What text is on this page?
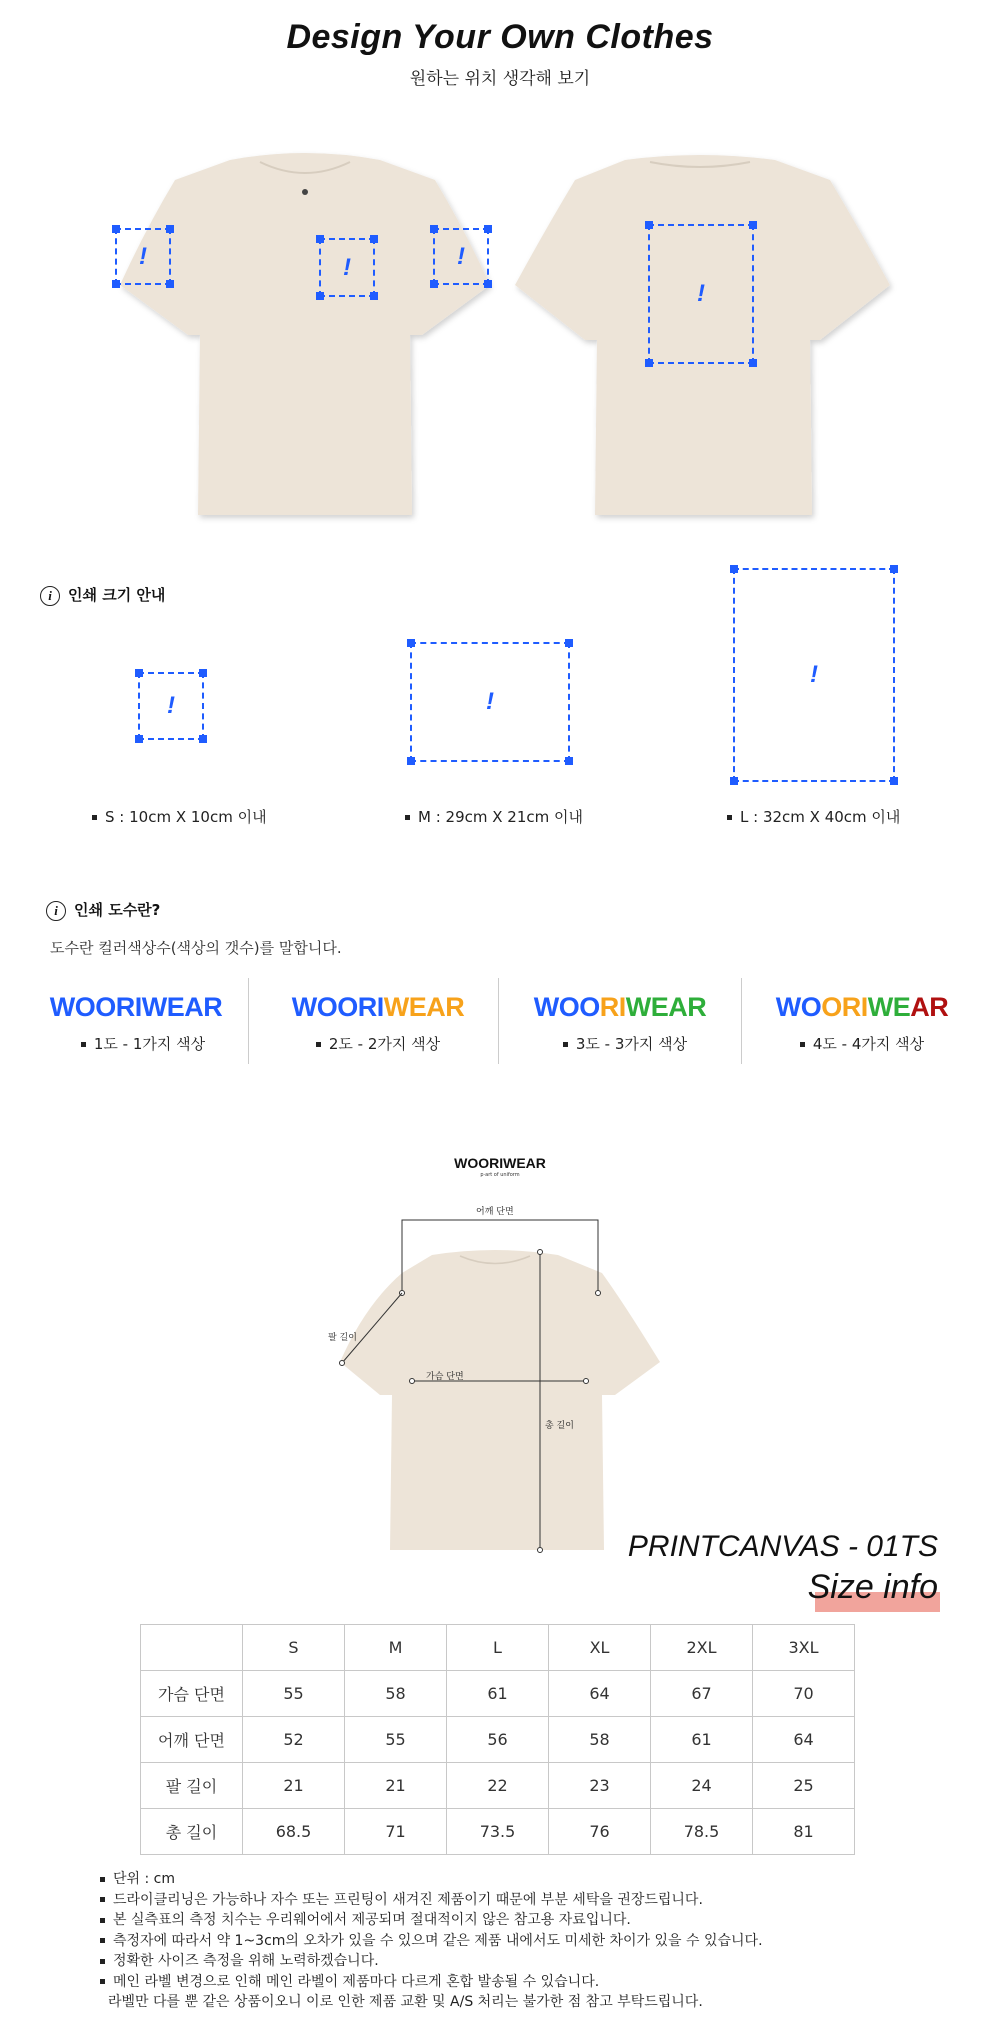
Design Your Own Clothes
원하는 위치 생각해 보기
!	!	!
!
i 인쇄 크기 안내
!	!
!
S : 10cm X 10cm 이내	M : 29cm X 21cm 이내	L : 32cm X 40cm 이내
i 인쇄 도수란?
도수란 컬러색상수(색상의 갯수)를 말합니다.
WOORIWEAR	WOORIWEAR	WOORIWEAR	WOORIWEAR
1도 - 1가지 색상	2도 - 2가지 색상	3도 - 3가지 색상	4도 - 4가지 색상
WOORIWEAR
p·art of uniform
어깨 단면
팔 길이
가슴 단면
총 길이
PRINTCANVAS - 01TS
Size info
	S	M	L	XL	2XL	3XL
가슴 단면	55	58	61	64	67	70
어깨 단면	52	55	56	58	61	64
팔 길이	21	21	22	23	24	25
총 길이	68.5	71	73.5	76	78.5	81
단위 : cm
드라이클리닝은 가능하나 자수 또는 프린팅이 새겨진 제품이기 때문에 부분 세탁을 권장드립니다.
본 실측표의 측정 치수는 우리웨어에서 제공되며 절대적이지 않은 참고용 자료입니다.
측정자에 따라서 약 1~3cm의 오차가 있을 수 있으며 같은 제품 내에서도 미세한 차이가 있을 수 있습니다.
정확한 사이즈 측정을 위해 노력하겠습니다.
메인 라벨 변경으로 인해 메인 라벨이 제품마다 다르게 혼합 발송될 수 있습니다.
라벨만 다를 뿐 같은 상품이오니 이로 인한 제품 교환 및 A/S 처리는 불가한 점 참고 부탁드립니다.
